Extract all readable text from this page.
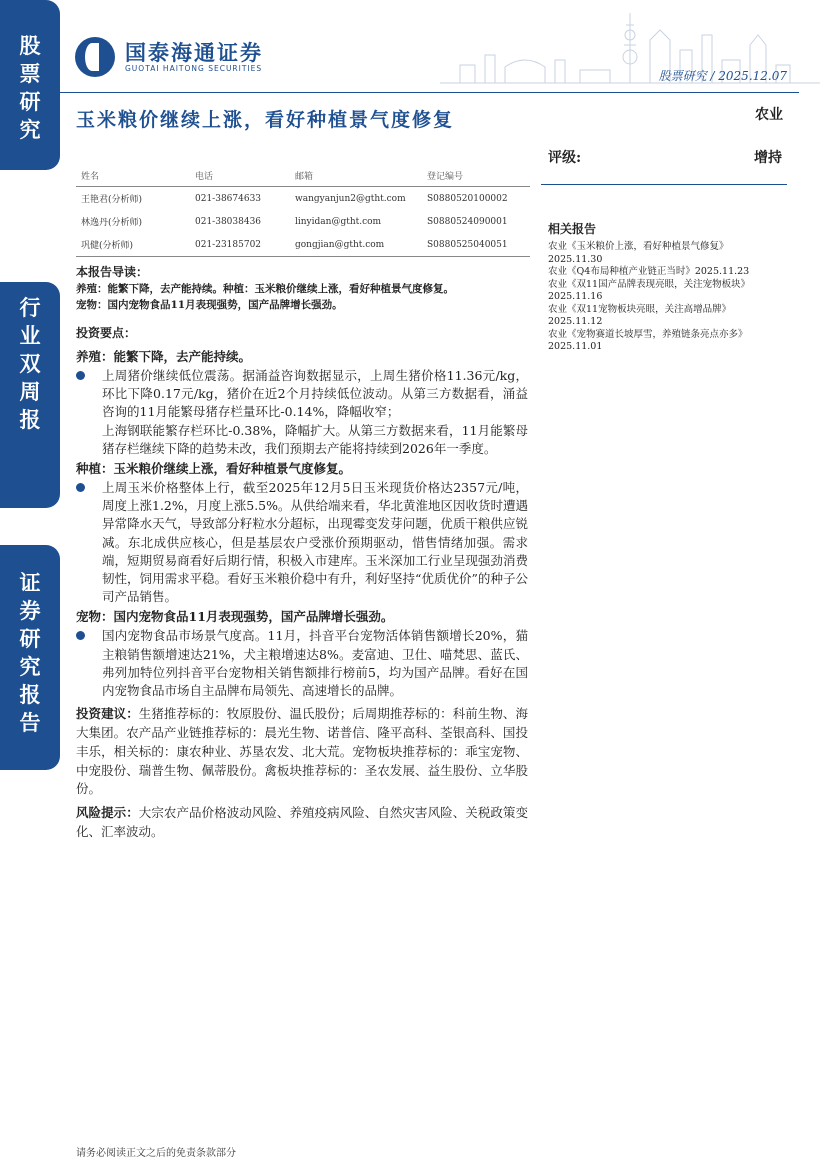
股
票
研
究
行
业
双
周
报
证
券
研
究
报
告
国泰海通证券
GUOTAI HAITONG SECURITIES
股票研究 / 2025.12.07
玉米粮价继续上涨，看好种植景气度修复	农业
评级:	增持
姓名	电话	邮箱	登记编号
王艳君(分析师)	021-38674633	wangyanjun2@gtht.com	S0880520100002
林逸丹(分析师)	021-38038436	linyidan@gtht.com	S0880524090001
巩健(分析师)	021-23185702	gongjian@gtht.com	S0880525040051
相关报告
农业《玉米粮价上涨，看好种植景气修复》
2025.11.30
农业《Q4布局种植产业链正当时》2025.11.23
农业《双11国产品牌表现亮眼，关注宠物板块》
2025.11.16
农业《双11宠物板块亮眼，关注高增品牌》
2025.11.12
农业《宠物赛道长坡厚雪，养殖链条亮点亦多》
2025.11.01
本报告导读：
养殖：能繁下降，去产能持续。种植：玉米粮价继续上涨，看好种植景气度修复。
宠物：国内宠物食品11月表现强势，国产品牌增长强劲。
投资要点：
养殖：能繁下降，去产能持续。
上周猪价继续低位震荡。据涌益咨询数据显示，上周生猪价格11.36元/kg，环比下降0.17元/kg，猪价在近2个月持续低位波动。从第三方数据看，涌益咨询的11月能繁母猪存栏量环比-0.14%，降幅收窄；
上海钢联能繁存栏环比-0.38%，降幅扩大。从第三方数据来看，11月能繁母猪存栏继续下降的趋势未改，我们预期去产能将持续到2026年一季度。
种植：玉米粮价继续上涨，看好种植景气度修复。
上周玉米价格整体上行，截至2025年12月5日玉米现货价格达2357元/吨，周度上涨1.2%，月度上涨5.5%。从供给端来看，华北黄淮地区因收货时遭遇异常降水天气，导致部分籽粒水分超标，出现霉变发芽问题，优质干粮供应锐减。东北成供应核心，但是基层农户受涨价预期驱动，惜售情绪加强。需求端，短期贸易商看好后期行情，积极入市建库。玉米深加工行业呈现强劲消费韧性，饲用需求平稳。看好玉米粮价稳中有升，利好坚持“优质优价”的种子公司产品销售。
宠物：国内宠物食品11月表现强势，国产品牌增长强劲。
国内宠物食品市场景气度高。11月，抖音平台宠物活体销售额增长20%，猫主粮销售额增速达21%，犬主粮增速达8%。麦富迪、卫仕、喵梵思、蓝氏、弗列加特位列抖音平台宠物相关销售额排行榜前5，均为国产品牌。看好在国内宠物食品市场自主品牌布局领先、高速增长的品牌。
投资建议：生猪推荐标的：牧原股份、温氏股份；后周期推荐标的：科前生物、海大集团。农产品产业链推荐标的：晨光生物、诺普信、隆平高科、荃银高科、国投丰乐，相关标的：康农种业、苏垦农发、北大荒。宠物板块推荐标的：乖宝宠物、中宠股份、瑞普生物、佩蒂股份。禽板块推荐标的：圣农发展、益生股份、立华股份。
风险提示：大宗农产品价格波动风险、养殖疫病风险、自然灾害风险、关税政策变化、汇率波动。
请务必阅读正文之后的免责条款部分
